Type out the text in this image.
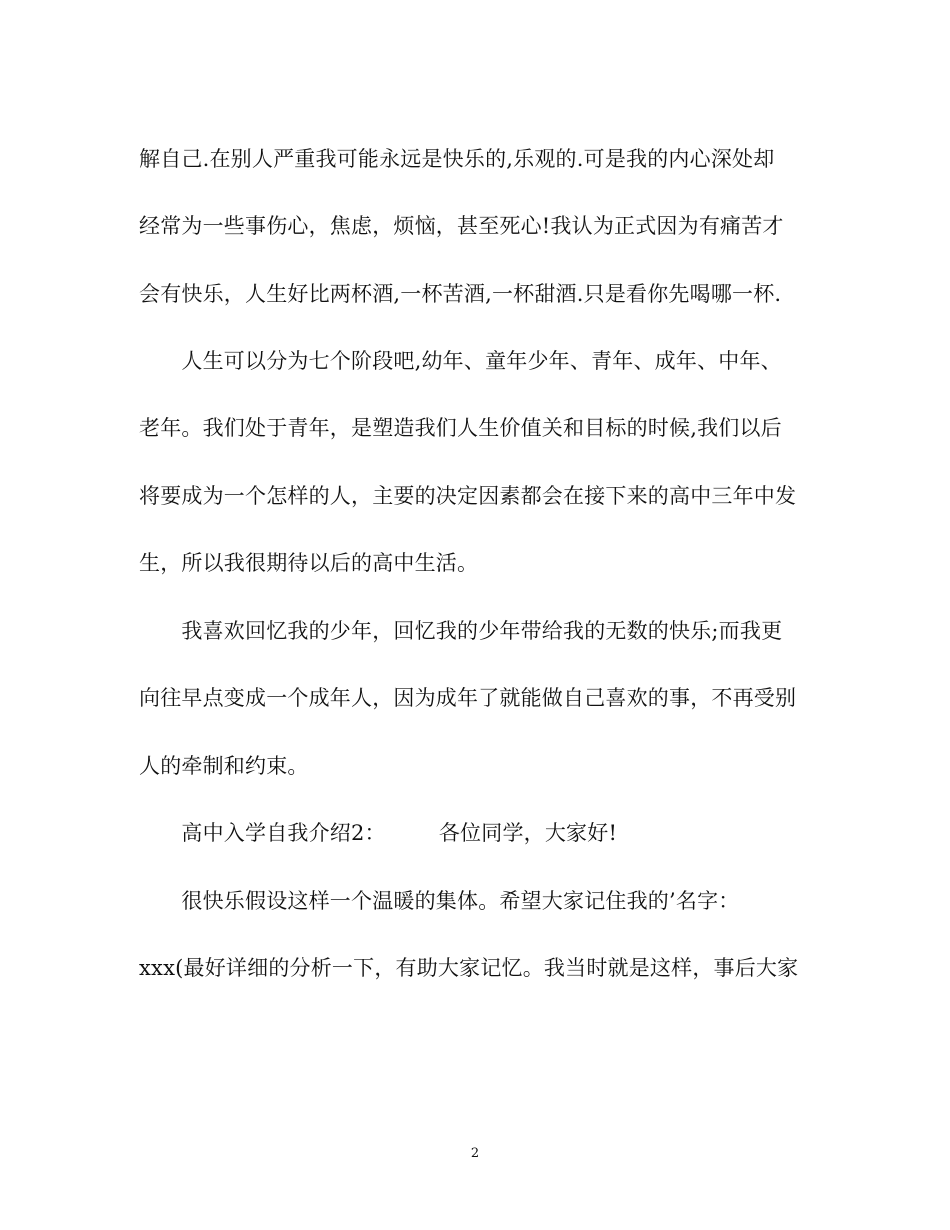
解自己.在别人严重我可能永远是快乐的,乐观的.可是我的内心深处却
经常为一些事伤心，焦虑，烦恼，甚至死心!我认为正式因为有痛苦才
会有快乐，人生好比两杯酒,一杯苦酒,一杯甜酒.只是看你先喝哪一杯.
　　人生可以分为七个阶段吧,幼年、童年少年、青年、成年、中年、
老年。我们处于青年，是塑造我们人生价值关和目标的时候,我们以后
将要成为一个怎样的人，主要的决定因素都会在接下来的高中三年中发
生，所以我很期待以后的高中生活。
　　我喜欢回忆我的少年，回忆我的少年带给我的无数的快乐;而我更
向往早点变成一个成年人，因为成年了就能做自己喜欢的事，不再受别
人的牵制和约束。
　　高中入学自我介绍2：　　　各位同学，大家好!
　　很快乐假设这样一个温暖的集体。希望大家记住我的’名字：
xxx(最好详细的分析一下，有助大家记忆。我当时就是这样，事后大家
2
